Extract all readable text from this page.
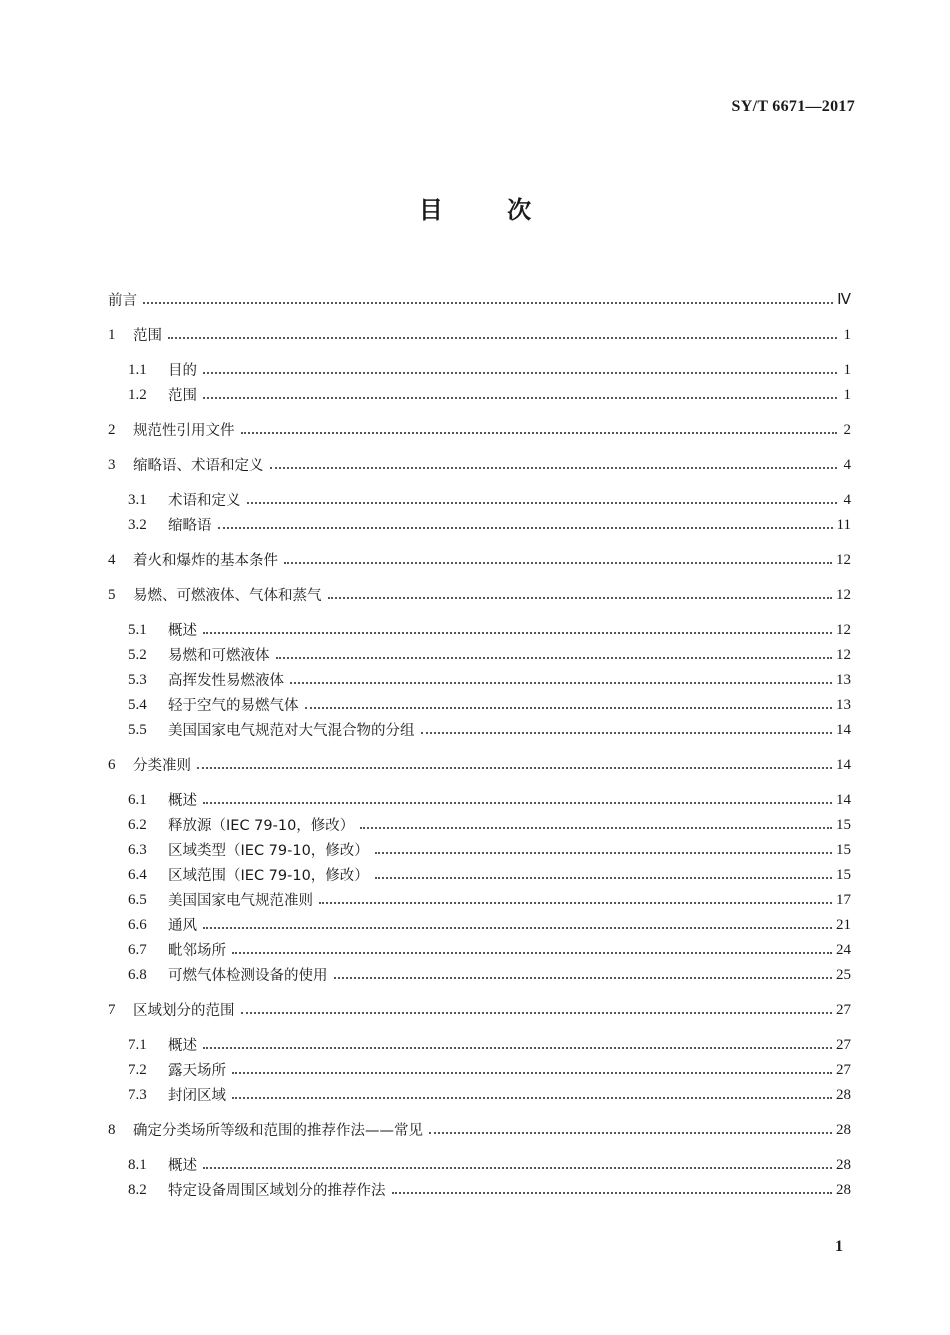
SY/T 6671—2017
目	次
前言	Ⅳ
1	范围	1
1.1	目的	1
1.2	范围	1
2	规范性引用文件	2
3	缩略语、术语和定义	4
3.1	术语和定义	4
3.2	缩略语	11
4	着火和爆炸的基本条件	12
5	易燃、可燃液体、气体和蒸气	12
5.1	概述	12
5.2	易燃和可燃液体	12
5.3	高挥发性易燃液体	13
5.4	轻于空气的易燃气体	13
5.5	美国国家电气规范对大气混合物的分组	14
6	分类准则	14
6.1	概述	14
6.2	释放源（IEC 79-10，修改）	15
6.3	区域类型（IEC 79-10，修改）	15
6.4	区域范围（IEC 79-10，修改）	15
6.5	美国国家电气规范准则	17
6.6	通风	21
6.7	毗邻场所	24
6.8	可燃气体检测设备的使用	25
7	区域划分的范围	27
7.1	概述	27
7.2	露天场所	27
7.3	封闭区域	28
8	确定分类场所等级和范围的推荐作法——常见	28
8.1	概述	28
8.2	特定设备周围区域划分的推荐作法	28
1
